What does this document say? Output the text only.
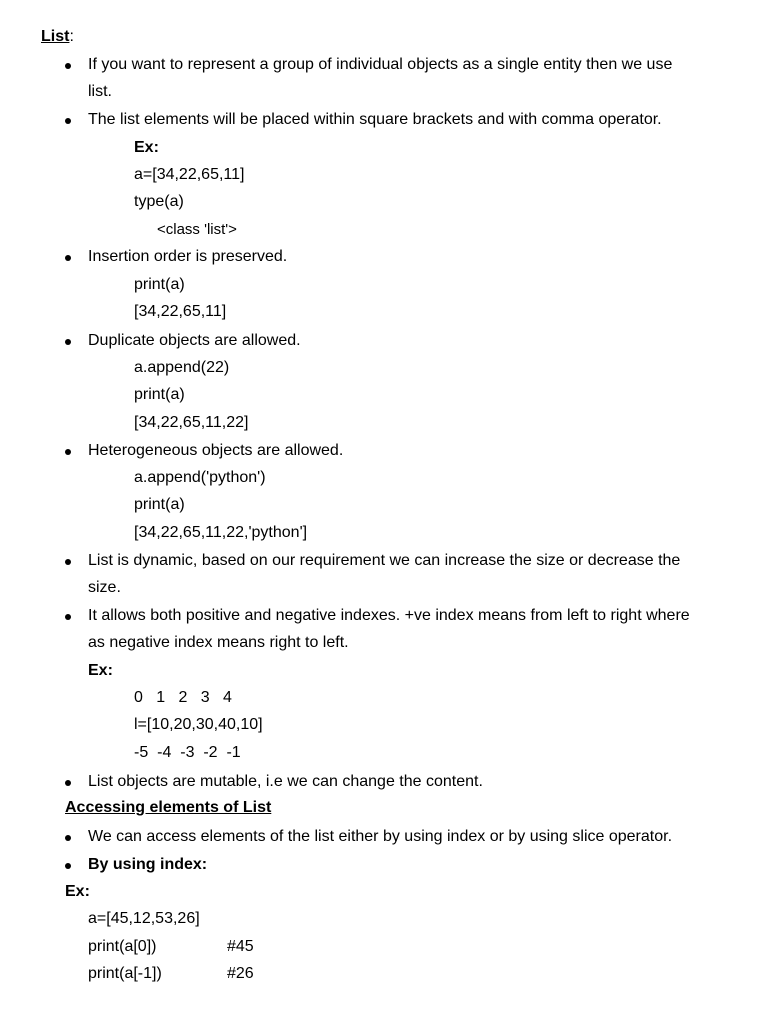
List:
If you want to represent a group of individual objects as a single entity then we use
list.
The list elements will be placed within square brackets and with comma operator.
Ex:
a=[34,22,65,11]
type(a)
<class 'list'>
Insertion order is preserved.
print(a)
[34,22,65,11]
Duplicate objects are allowed.
a.append(22)
print(a)
[34,22,65,11,22]
Heterogeneous objects are allowed.
a.append('python')
print(a)
[34,22,65,11,22,'python']
List is dynamic, based on our requirement we can increase the size or decrease the
size.
It allows both positive and negative indexes. +ve index means from left to right where
as negative index means right to left.
Ex:
0   1   2   3   4
l=[10,20,30,40,10]
-5  -4  -3  -2  -1
List objects are mutable, i.e we can change the content.
Accessing elements of List
We can access elements of the list either by using index or by using slice operator.
By using index:
Ex:
a=[45,12,53,26]
print(a[0])	#45
print(a[-1])	#26
